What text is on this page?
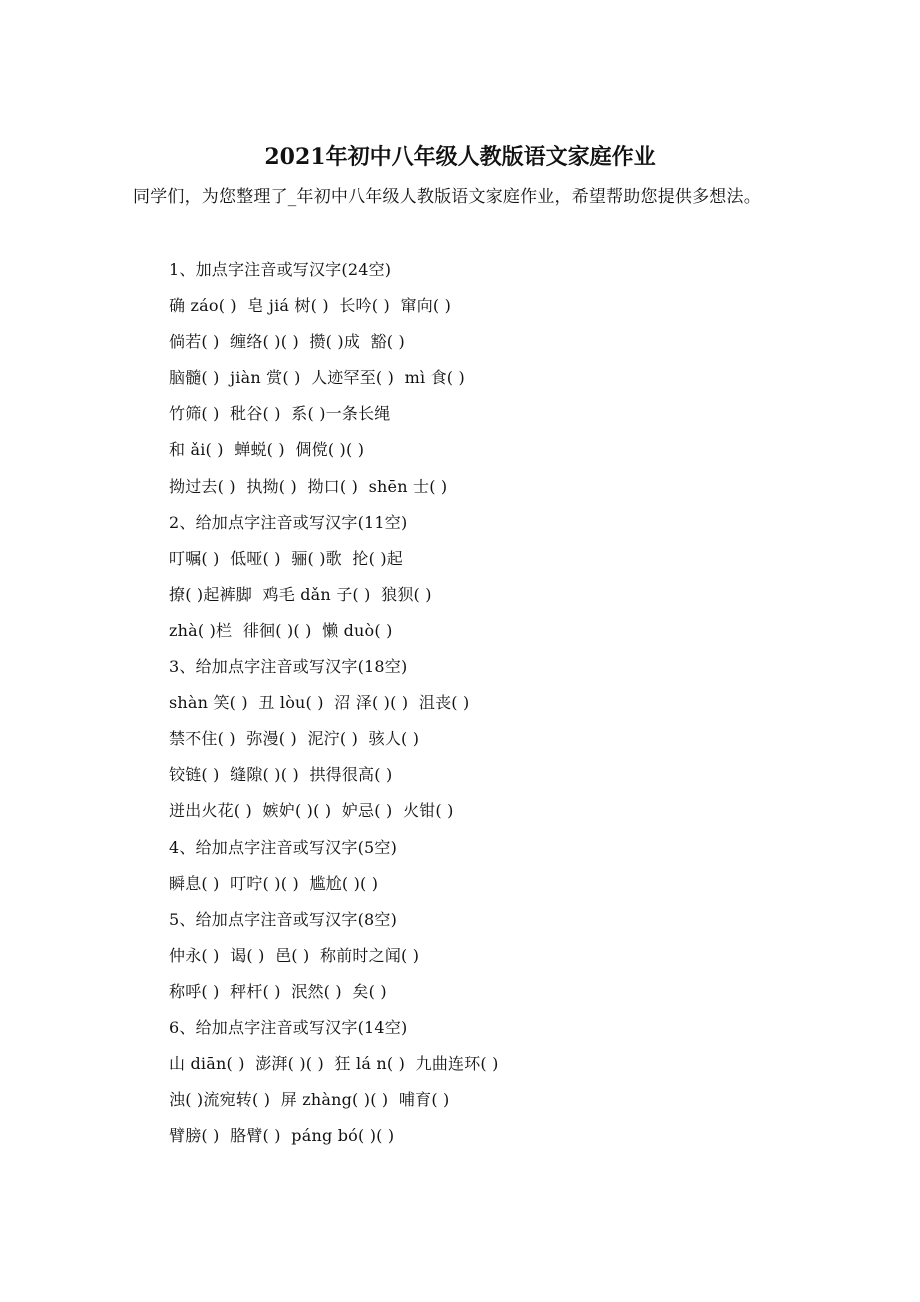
2021年初中八年级人教版语文家庭作业
同学们，为您整理了_年初中八年级人教版语文家庭作业，希望帮助您提供多想法。
1、加点字注音或写汉字(24空)
确 záo( )  皂 jiá 树( )  长吟( )  窜向( )
倘若( )  缠络( )( )  攒( )成  豁( )
脑髓( )  jiàn 赏( )  人迹罕至( )  mì 食( )
竹筛( )  秕谷( )  系( )一条长绳
和 ǎi( )  蝉蜕( )  倜傥( )( )
拗过去( )  执拗( )  拗口( )  shēn 士( )
2、给加点字注音或写汉字(11空)
叮嘱( )  低哑( )  骊( )歌  抡( )起
撩( )起裤脚  鸡毛 dǎn 子( )  狼狈( )
zhà( )栏  徘徊( )( )  懒 duò( )
3、给加点字注音或写汉字(18空)
shàn 笑( )  丑 lòu( )  沼 泽( )( )  沮丧( )
禁不住( )  弥漫( )  泥泞( )  骇人( )
铰链( )  缝隙( )( )  拱得很高( )
迸出火花( )  嫉妒( )( )  妒忌( )  火钳( )
4、给加点字注音或写汉字(5空)
瞬息( )  叮咛( )( )  尴尬( )( )
5、给加点字注音或写汉字(8空)
仲永( )  谒( )  邑( )  称前时之闻( )
称呼( )  秤杆( )  泯然( )  矣( )
6、给加点字注音或写汉字(14空)
山 diān( )  澎湃( )( )  狂 lá n( )  九曲连环( )
浊( )流宛转( )  屏 zhàng( )( )  哺育( )
臂膀( )  胳臂( )  páng bó( )( )
